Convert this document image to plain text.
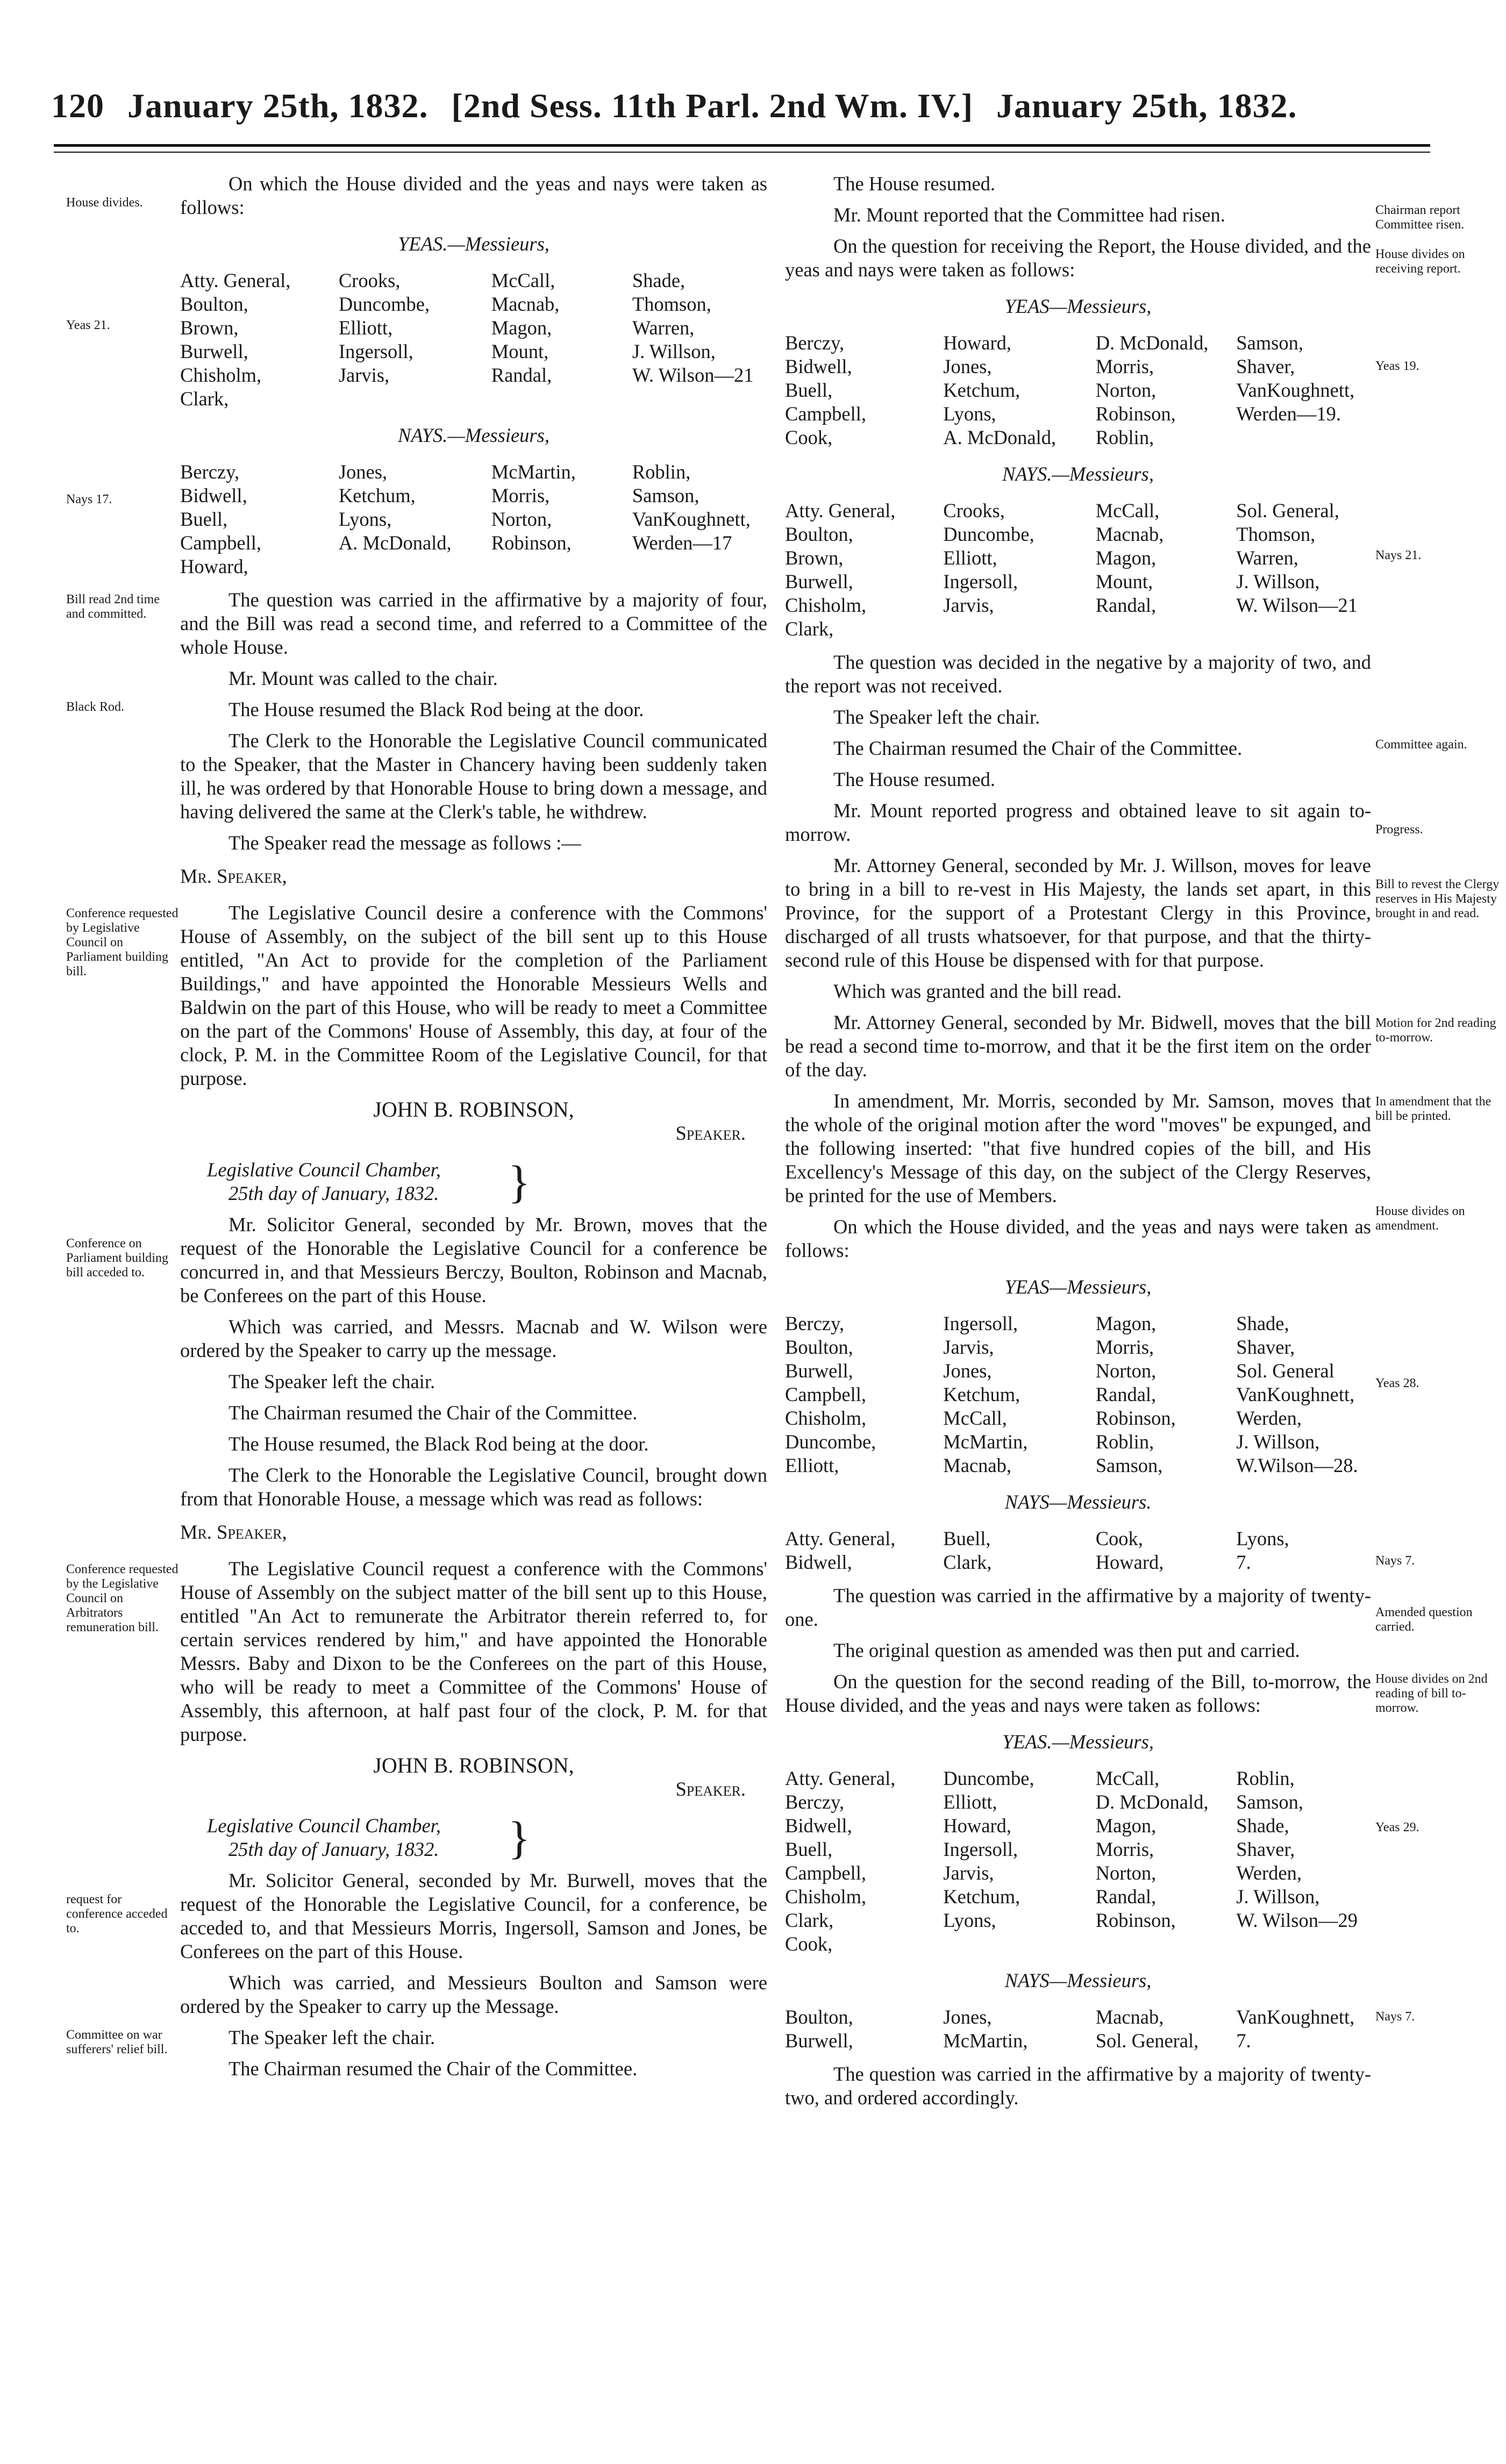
120 January 25th, 1832. [2nd Sess. 11th Parl. 2nd Wm. IV.] January 25th, 1832.
House divides.
On which the House divided and the yeas and nays were taken as follows:
YEAS.—Messieurs,
Yeas 21.
Atty. General,	Crooks,	McCall,	Shade,
Boulton,	Duncombe,	Macnab,	Thomson,
Brown,	Elliott,	Magon,	Warren,
Burwell,	Ingersoll,	Mount,	J. Willson,
Chisholm,	Jarvis,	Randal,	W. Wilson—21
Clark,
NAYS.—Messieurs,
Nays 17.
Berczy,	Jones,	McMartin,	Roblin,
Bidwell,	Ketchum,	Morris,	Samson,
Buell,	Lyons,	Norton,	VanKoughnett,
Campbell,	A. McDonald,	Robinson,	Werden—17
Howard,
Bill read 2nd time and committed.
The question was carried in the affirmative by a majority of four, and the Bill was read a second time, and referred to a Committee of the whole House.
Mr. Mount was called to the chair.
Black Rod.	The House resumed the Black Rod being at the door.
The Clerk to the Honorable the Legislative Council communicated to the Speaker, that the Master in Chancery having been suddenly taken ill, he was ordered by that Honorable House to bring down a message, and having delivered the same at the Clerk's table, he withdrew.
The Speaker read the message as follows :—
Mr. Speaker,
Conference requested by Legislative Council on Parliament building bill.
The Legislative Council desire a conference with the Commons' House of Assembly, on the subject of the bill sent up to this House entitled, "An Act to provide for the completion of the Parliament Buildings," and have appointed the Honorable Messieurs Wells and Baldwin on the part of this House, who will be ready to meet a Committee on the part of the Commons' House of Assembly, this day, at four of the clock, P. M. in the Committee Room of the Legislative Council, for that purpose.
JOHN B. ROBINSON,
Speaker.
Legislative Council Chamber,
25th day of January, 1832.	}
Conference on Parliament building bill acceded to.
Mr. Solicitor General, seconded by Mr. Brown, moves that the request of the Honorable the Legislative Council for a conference be concurred in, and that Messieurs Berczy, Boulton, Robinson and Macnab, be Conferees on the part of this House.
Which was carried, and Messrs. Macnab and W. Wilson were ordered by the Speaker to carry up the message.
The Speaker left the chair.
The Chairman resumed the Chair of the Committee.
The House resumed, the Black Rod being at the door.
The Clerk to the Honorable the Legislative Council, brought down from that Honorable House, a message which was read as follows:
Mr. Speaker,
Conference requested by the Legislative Council on Arbitrators remuneration bill.
The Legislative Council request a conference with the Commons' House of Assembly on the subject matter of the bill sent up to this House, entitled "An Act to remunerate the Arbitrator therein referred to, for certain services rendered by him," and have appointed the Honorable Messrs. Baby and Dixon to be the Conferees on the part of this House, who will be ready to meet a Committee of the Commons' House of Assembly, this afternoon, at half past four of the clock, P. M. for that purpose.
JOHN B. ROBINSON,
Speaker.
Legislative Council Chamber,
25th day of January, 1832.	}
request for conference acceded to.
Mr. Solicitor General, seconded by Mr. Burwell, moves that the request of the Honorable the Legislative Council, for a conference, be acceded to, and that Messieurs Morris, Ingersoll, Samson and Jones, be Conferees on the part of this House.
Which was carried, and Messieurs Boulton and Samson were ordered by the Speaker to carry up the Message.
Committee on war sufferers' relief bill.
The Speaker left the chair.
The Chairman resumed the Chair of the Committee.
The House resumed.
Chairman report Committee risen.
Mr. Mount reported that the Committee had risen.
House divides on receiving report.
On the question for receiving the Report, the House divided, and the yeas and nays were taken as follows:
YEAS—Messieurs,
Yeas 19.
Berczy,	Howard,	D. McDonald,	Samson,
Bidwell,	Jones,	Morris,	Shaver,
Buell,	Ketchum,	Norton,	VanKoughnett,
Campbell,	Lyons,	Robinson,	Werden—19.
Cook,	A. McDonald,	Roblin,
NAYS.—Messieurs,
Nays 21.
Atty. General,	Crooks,	McCall,	Sol. General,
Boulton,	Duncombe,	Macnab,	Thomson,
Brown,	Elliott,	Magon,	Warren,
Burwell,	Ingersoll,	Mount,	J. Willson,
Chisholm,	Jarvis,	Randal,	W. Wilson—21
Clark,
The question was decided in the negative by a majority of two, and the report was not received.
The Speaker left the chair.
Committee again.
The Chairman resumed the Chair of the Committee.
The House resumed.
Progress.
Mr. Mount reported progress and obtained leave to sit again to-morrow.
Bill to revest the Clergy reserves in His Majesty brought in and read.
Mr. Attorney General, seconded by Mr. J. Willson, moves for leave to bring in a bill to re-vest in His Majesty, the lands set apart, in this Province, for the support of a Protestant Clergy in this Province, discharged of all trusts whatsoever, for that purpose, and that the thirty-second rule of this House be dispensed with for that purpose.
Which was granted and the bill read.
Motion for 2nd reading to-morrow.
Mr. Attorney General, seconded by Mr. Bidwell, moves that the bill be read a second time to-morrow, and that it be the first item on the order of the day.
In amendment that the bill be printed.
In amendment, Mr. Morris, seconded by Mr. Samson, moves that the whole of the original motion after the word "moves" be expunged, and the following inserted: "that five hundred copies of the bill, and His Excellency's Message of this day, on the subject of the Clergy Reserves, be printed for the use of Members.
House divides on amendment.
On which the House divided, and the yeas and nays were taken as follows:
YEAS—Messieurs,
Yeas 28.
Berczy,	Ingersoll,	Magon,	Shade,
Boulton,	Jarvis,	Morris,	Shaver,
Burwell,	Jones,	Norton,	Sol. General
Campbell,	Ketchum,	Randal,	VanKoughnett,
Chisholm,	McCall,	Robinson,	Werden,
Duncombe,	McMartin,	Roblin,	J. Willson,
Elliott,	Macnab,	Samson,	W.Wilson—28.
NAYS—Messieurs.
Nays 7.
Atty. General,	Buell,	Cook,	Lyons,
Bidwell,	Clark,	Howard,	7.
Amended question carried.
The question was carried in the affirmative by a majority of twenty-one.
The original question as amended was then put and carried.
House divides on 2nd reading of bill to-morrow.
On the question for the second reading of the Bill, to-morrow, the House divided, and the yeas and nays were taken as follows:
YEAS.—Messieurs,
Yeas 29.
Atty. General,	Duncombe,	McCall,	Roblin,
Berczy,	Elliott,	D. McDonald,	Samson,
Bidwell,	Howard,	Magon,	Shade,
Buell,	Ingersoll,	Morris,	Shaver,
Campbell,	Jarvis,	Norton,	Werden,
Chisholm,	Ketchum,	Randal,	J. Willson,
Clark,	Lyons,	Robinson,	W. Wilson—29
Cook,
NAYS—Messieurs,
Nays 7.
Boulton,	Jones,	Macnab,	VanKoughnett,
Burwell,	McMartin,	Sol. General,	7.
The question was carried in the affirmative by a majority of twenty-two, and ordered accordingly.
